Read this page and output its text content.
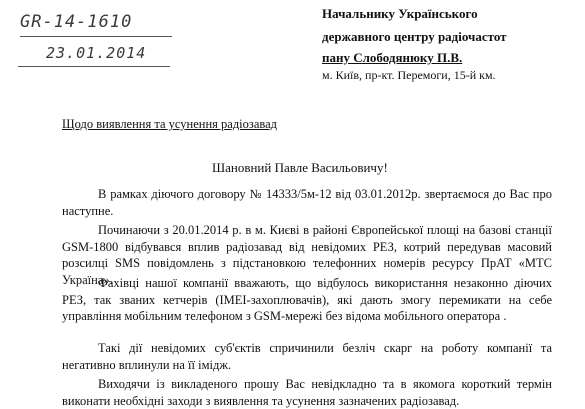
GR-14-1610
23.01.2014
Начальнику Українського
державного центру радіочастот
пану Слободянюку П.В.
м. Київ, пр-кт. Перемоги, 15-й км.
Щодо виявлення та усунення радіозавад
Шановний Павле Васильовичу!

В рамках діючого договору № 14333/5м-12 від 03.01.2012р. звертаємося до Вас про наступне.

Починаючи з 20.01.2014 р. в м. Києві в районі Європейської площі на базові станції GSM-1800 відбувався вплив радіозавад від невідомих РЕЗ, котрий передував масовий розсилці SMS повідомлень з підстановкою телефонних номерів ресурсу ПрАТ «МТС Україна».

Фахівці нашої компанії вважають, що відбулось використання незаконно діючих РЕЗ, так званих кетчерів (IMEI-захоплювачів), які дають змогу перемикати на себе управління мобільним телефоном з GSM-мережі без відома мобільного оператора .

Такі дії невідомих суб'єктів спричинили безліч скарг на роботу компанії та негативно вплинули на її імідж.

Виходячи із викладеного прошу Вас невідкладно та в якомога короткий термін виконати необхідні заходи з виявлення та усунення зазначених радіозавад.
